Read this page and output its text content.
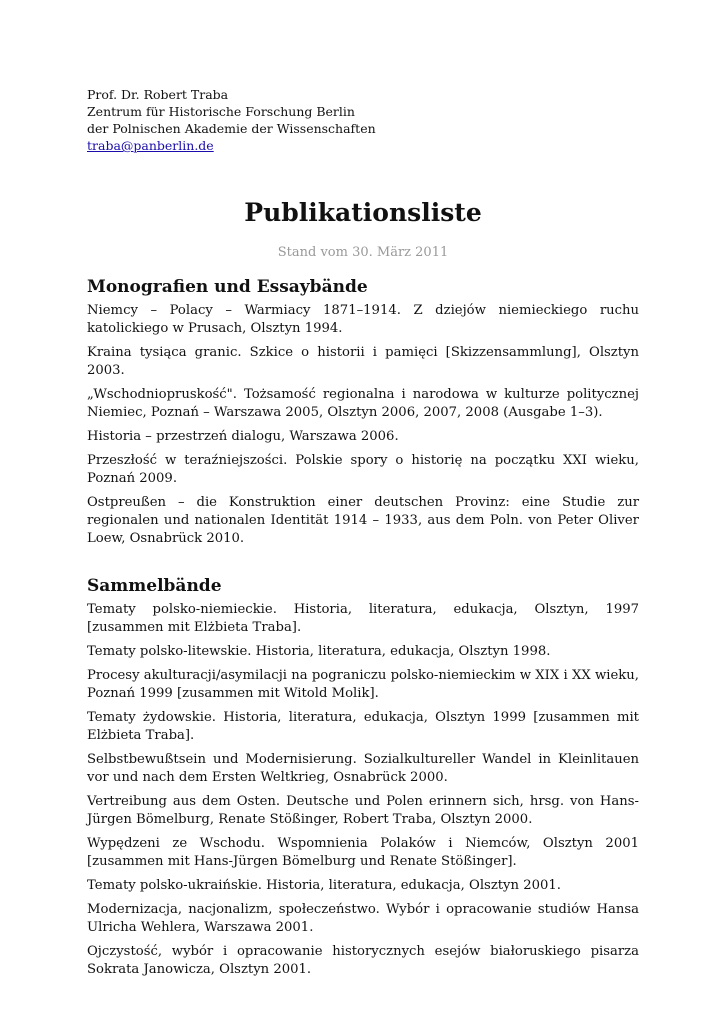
Prof. Dr. Robert Traba

Zentrum für Historische Forschung Berlin

der Polnischen Akademie der Wissenschaften

traba@panberlin.de

Publikationsliste

Stand vom 30. März 2011

Monografien und Essaybände
Niemcy – Polacy – Warmiacy 1871–1914. Z dziejów niemieckiego ruchu katolickiego w Prusach, Olsztyn 1994.
Kraina tysiąca granic. Szkice o historii i pamięci [Skizzensammlung], Olsztyn 2003.
„Wschodniopruskość". Tożsamość regionalna i narodowa w kulturze politycznej Niemiec, Poznań – Warszawa 2005, Olsztyn 2006, 2007, 2008 (Ausgabe 1–3).
Historia – przestrzeń dialogu, Warszawa 2006.
Przeszłość w teraźniejszości. Polskie spory o historię na początku XXI wieku, Poznań 2009.
Ostpreußen – die Konstruktion einer deutschen Provinz: eine Studie zur regionalen und nationalen Identität 1914 – 1933, aus dem Poln. von Peter Oliver Loew, Osnabrück 2010.
Sammelbände
Tematy polsko-niemieckie. Historia, literatura, edukacja, Olsztyn, 1997 [zusammen mit Elżbieta Traba].
Tematy polsko-litewskie. Historia, literatura, edukacja, Olsztyn 1998.
Procesy akulturacji/asymilacji na pograniczu polsko-niemieckim w XIX i XX wieku, Poznań 1999 [zusammen mit Witold Molik].
Tematy żydowskie. Historia, literatura, edukacja, Olsztyn 1999 [zusammen mit Elżbieta Traba].
Selbstbewußtsein und Modernisierung. Sozialkultureller Wandel in Kleinlitauen vor und nach dem Ersten Weltkrieg, Osnabrück 2000.
Vertreibung aus dem Osten. Deutsche und Polen erinnern sich, hrsg. von Hans-Jürgen Bömelburg, Renate Stößinger, Robert Traba, Olsztyn 2000.
Wypędzeni ze Wschodu. Wspomnienia Polaków i Niemców, Olsztyn 2001 [zusammen mit Hans-Jürgen Bömelburg und Renate Stößinger].
Tematy polsko-ukraińskie. Historia, literatura, edukacja, Olsztyn 2001.
Modernizacja, nacjonalizm, społeczeństwo. Wybór i opracowanie studiów Hansa Ulricha Wehlera, Warszawa 2001.
Ojczystość, wybór i opracowanie historycznych esejów białoruskiego pisarza Sokrata Janowicza, Olsztyn 2001.
